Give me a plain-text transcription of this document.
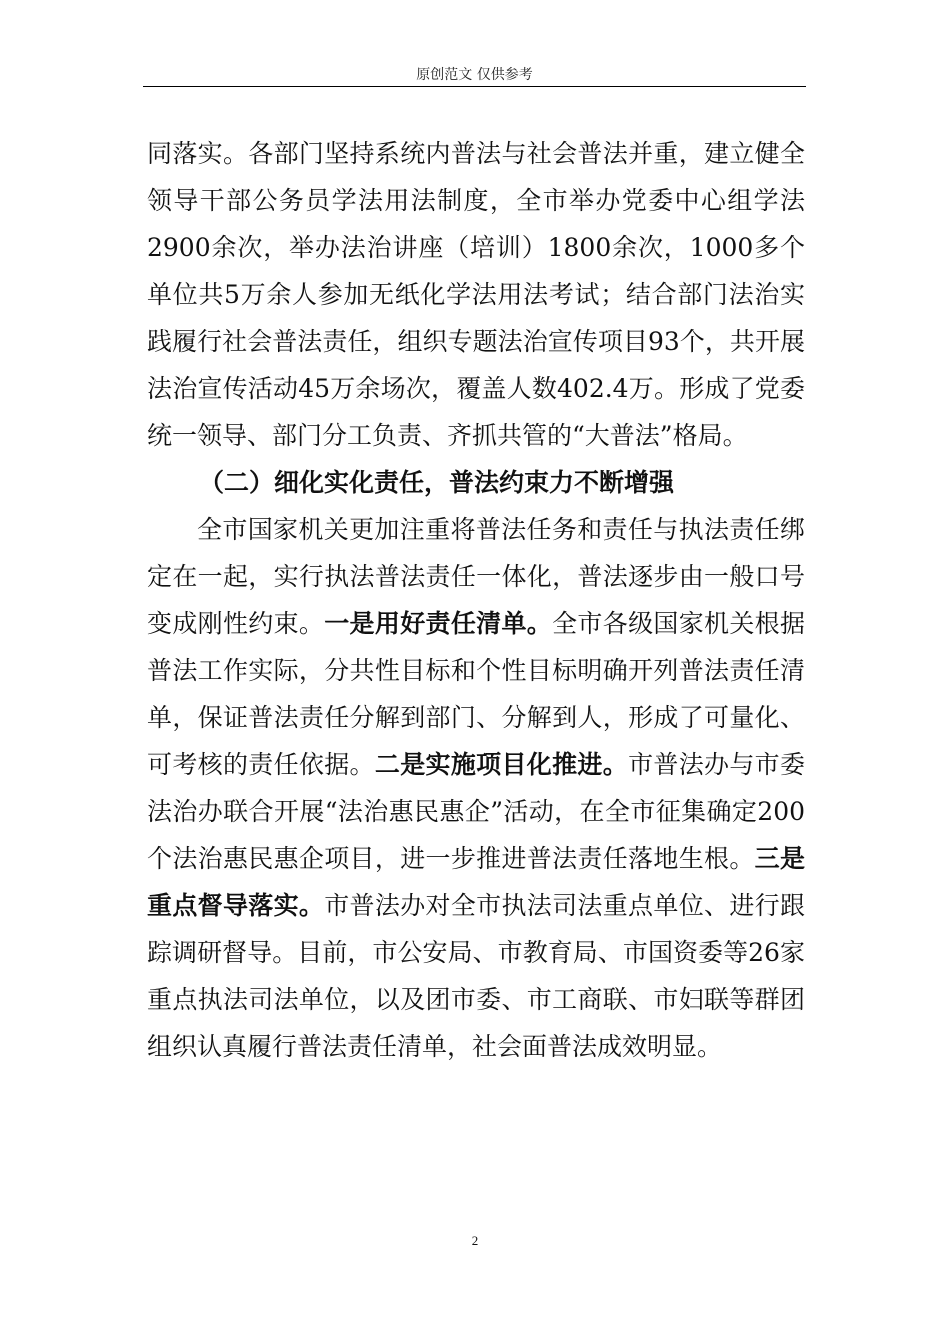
原创范文 仅供参考

同落实。各部门坚持系统内普法与社会普法并重，建立健全领导干部公务员学法用法制度，全市举办党委中心组学法2900余次，举办法治讲座（培训）1800余次，1000多个单位共5万余人参加无纸化学法用法考试；结合部门法治实践履行社会普法责任，组织专题法治宣传项目93个，共开展法治宣传活动45万余场次，覆盖人数402.4万。形成了党委统一领导、部门分工负责、齐抓共管的“大普法”格局。

（二）细化实化责任，普法约束力不断增强

全市国家机关更加注重将普法任务和责任与执法责任绑定在一起，实行执法普法责任一体化，普法逐步由一般口号变成刚性约束。一是用好责任清单。全市各级国家机关根据普法工作实际，分共性目标和个性目标明确开列普法责任清单，保证普法责任分解到部门、分解到人，形成了可量化、可考核的责任依据。二是实施项目化推进。市普法办与市委法治办联合开展“法治惠民惠企”活动，在全市征集确定200个法治惠民惠企项目，进一步推进普法责任落地生根。三是重点督导落实。市普法办对全市执法司法重点单位、进行跟踪调研督导。目前，市公安局、市教育局、市国资委等26家重点执法司法单位，以及团市委、市工商联、市妇联等群团组织认真履行普法责任清单，社会面普法成效明显。

2
